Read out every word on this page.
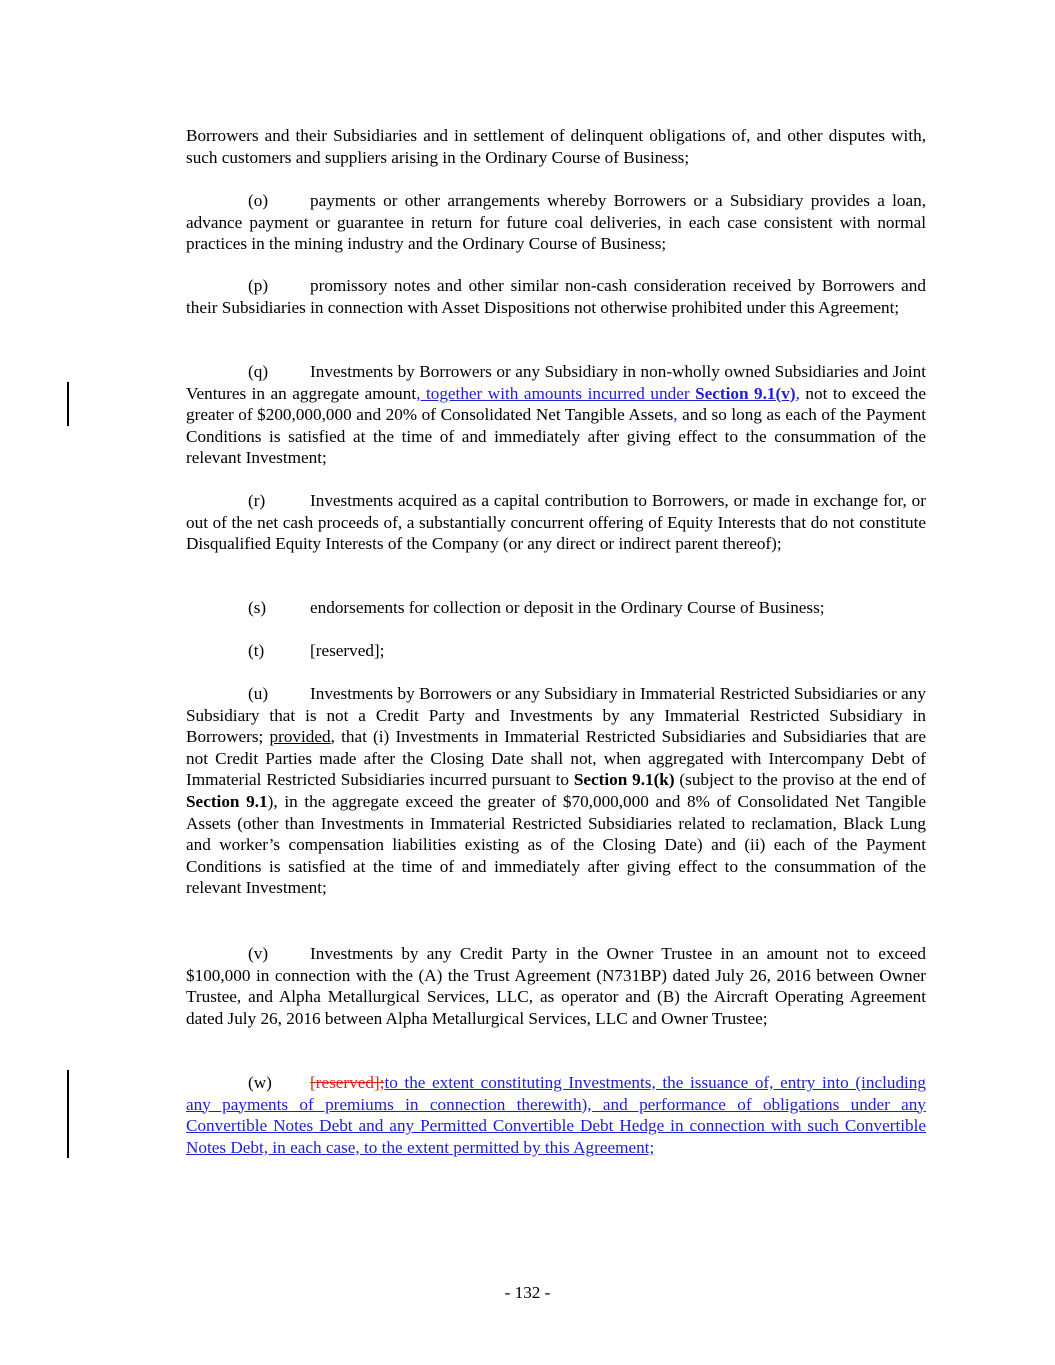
Borrowers and their Subsidiaries and in settlement of delinquent obligations of, and other disputes with, such customers and suppliers arising in the Ordinary Course of Business;

(o) payments or other arrangements whereby Borrowers or a Subsidiary provides a loan, advance payment or guarantee in return for future coal deliveries, in each case consistent with normal practices in the mining industry and the Ordinary Course of Business;

(p) promissory notes and other similar non-cash consideration received by Borrowers and their Subsidiaries in connection with Asset Dispositions not otherwise prohibited under this Agreement;

(q) Investments by Borrowers or any Subsidiary in non-wholly owned Subsidiaries and Joint Ventures in an aggregate amount, together with amounts incurred under Section 9.1(v), not to exceed the greater of $200,000,000 and 20% of Consolidated Net Tangible Assets, and so long as each of the Payment Conditions is satisfied at the time of and immediately after giving effect to the consummation of the relevant Investment;

(r)	Investments acquired as a capital contribution to Borrowers, or made in exchange for, or out of the net cash proceeds of, a substantially concurrent offering of Equity Interests that do not constitute Disqualified Equity Interests of the Company (or any direct or indirect parent thereof);

(s)	endorsements for collection or deposit in the Ordinary Course of Business;

(t)	[reserved];

(u) Investments by Borrowers or any Subsidiary in Immaterial Restricted Subsidiaries or any Subsidiary that is not a Credit Party and Investments by any Immaterial Restricted Subsidiary in Borrowers; provided, that (i) Investments in Immaterial Restricted Subsidiaries and Subsidiaries that are not Credit Parties made after the Closing Date shall not, when aggregated with Intercompany Debt of Immaterial Restricted Subsidiaries incurred pursuant to Section 9.1(k) (subject to the proviso at the end of Section 9.1), in the aggregate exceed the greater of $70,000,000 and 8% of Consolidated Net Tangible Assets (other than Investments in Immaterial Restricted Subsidiaries related to reclamation, Black Lung and worker’s compensation liabilities existing as of the Closing Date) and (ii) each of the Payment Conditions is satisfied at the time of and immediately after giving effect to the consummation of the relevant Investment;

(v) Investments by any Credit Party in the Owner Trustee in an amount not to exceed $100,000 in connection with the (A) the Trust Agreement (N731BP) dated July 26, 2016 between Owner Trustee, and Alpha Metallurgical Services, LLC, as operator and (B) the Aircraft Operating Agreement dated July 26, 2016 between Alpha Metallurgical Services, LLC and Owner Trustee;

(w) [reserved];to the extent constituting Investments, the issuance of, entry into (including any payments of premiums in connection therewith), and performance of obligations under any Convertible Notes Debt and any Permitted Convertible Debt Hedge in connection with such Convertible Notes Debt, in each case, to the extent permitted by this Agreement;

- 132 -
